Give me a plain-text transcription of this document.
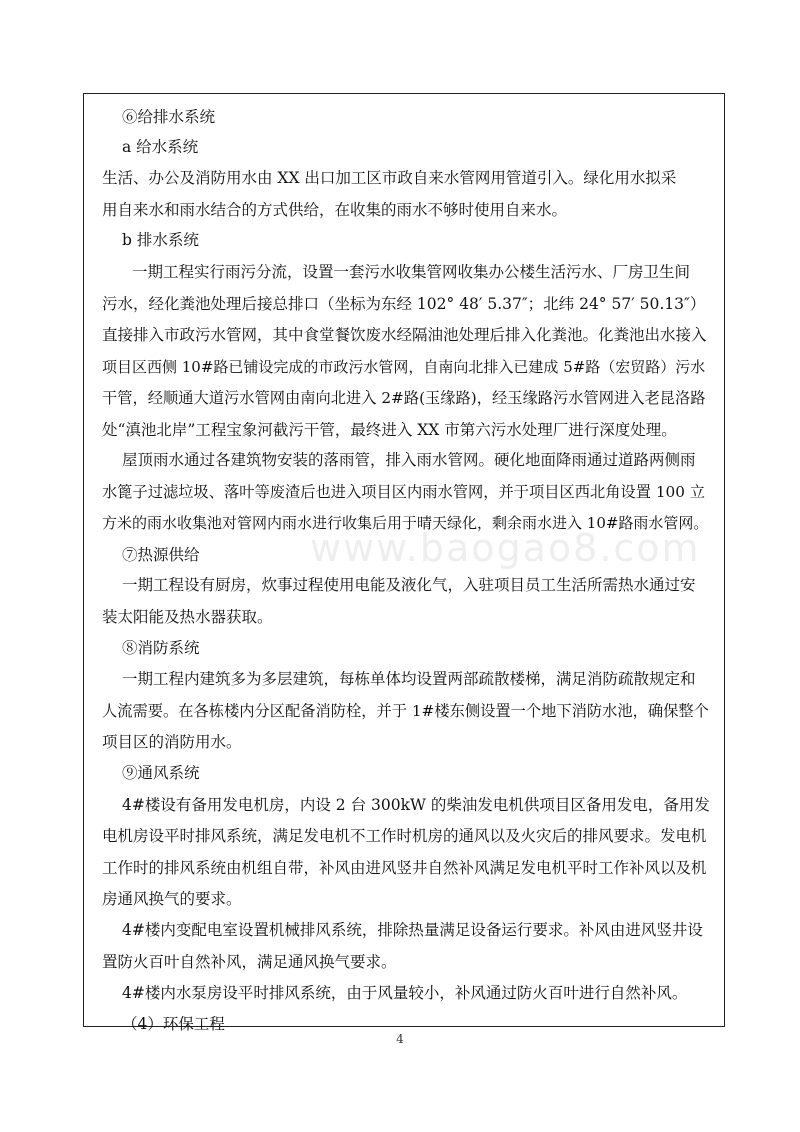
⑥给排水系统
a 给水系统
生活、办公及消防用水由 XX 出口加工区市政自来水管网用管道引入。绿化用水拟采
用自来水和雨水结合的方式供给，在收集的雨水不够时使用自来水。
b 排水系统
一期工程实行雨污分流，设置一套污水收集管网收集办公楼生活污水、厂房卫生间
污水，经化粪池处理后接总排口（坐标为东经 102° 48′ 5.37″；北纬 24° 57′ 50.13″）
直接排入市政污水管网，其中食堂餐饮废水经隔油池处理后排入化粪池。化粪池出水接入
项目区西侧 10#路已铺设完成的市政污水管网，自南向北排入已建成 5#路（宏贸路）污水
干管，经顺通大道污水管网由南向北进入 2#路(玉缘路)，经玉缘路污水管网进入老昆洛路
处“滇池北岸”工程宝象河截污干管，最终进入 XX 市第六污水处理厂进行深度处理。
屋顶雨水通过各建筑物安装的落雨管，排入雨水管网。硬化地面降雨通过道路两侧雨
水篦子过滤垃圾、落叶等废渣后也进入项目区内雨水管网，并于项目区西北角设置 100 立
方米的雨水收集池对管网内雨水进行收集后用于晴天绿化，剩余雨水进入 10#路雨水管网。
⑦热源供给
一期工程设有厨房，炊事过程使用电能及液化气，入驻项目员工生活所需热水通过安
装太阳能及热水器获取。
⑧消防系统
一期工程内建筑多为多层建筑，每栋单体均设置两部疏散楼梯，满足消防疏散规定和
人流需要。在各栋楼内分区配备消防栓，并于 1#楼东侧设置一个地下消防水池，确保整个
项目区的消防用水。
⑨通风系统
4#楼设有备用发电机房，内设 2 台 300kW 的柴油发电机供项目区备用发电，备用发
电机房设平时排风系统，满足发电机不工作时机房的通风以及火灾后的排风要求。发电机
工作时的排风系统由机组自带，补风由进风竖井自然补风满足发电机平时工作补风以及机
房通风换气的要求。
4#楼内变配电室设置机械排风系统，排除热量满足设备运行要求。补风由进风竖井设
置防火百叶自然补风，满足通风换气要求。
4#楼内水泵房设平时排风系统，由于风量较小，补风通过防火百叶进行自然补风。
（4）环保工程
www.baogao8.com
4
